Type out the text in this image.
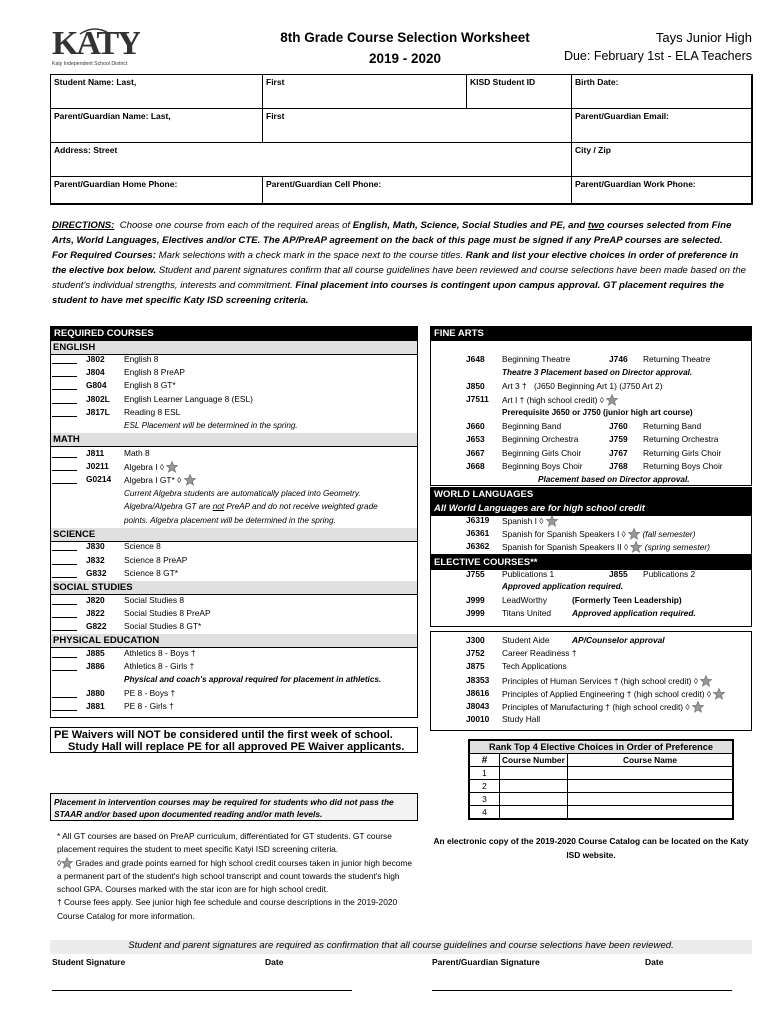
KATY
Katy Independent School District
8th Grade Course Selection Worksheet
2019 - 2020
Tays Junior High
Due: February 1st - ELA Teachers
Student Name: Last,	First	KISD Student ID	Birth Date:
Parent/Guardian Name: Last,	First	Parent/Guardian Email:
Address: Street	City / Zip
Parent/Guardian Home Phone:	Parent/Guardian Cell Phone:	Parent/Guardian Work Phone:
DIRECTIONS: Choose one course from each of the required areas of English, Math, Science, Social Studies and PE, and two courses selected from Fine Arts, World Languages, Electives and/or CTE. The AP/PreAP agreement on the back of this page must be signed if any PreAP courses are selected.
For Required Courses: Mark selections with a check mark in the space next to the course titles. Rank and list your elective choices in order of preference in the elective box below. Student and parent signatures confirm that all course guidelines have been reviewed and course selections have been made based on the student's individual strengths, interests and commitment. Final placement into courses is contingent upon campus approval. GT placement requires the student to have met specific Katy ISD screening criteria.
REQUIRED COURSES
ENGLISH
J802 English 8
J804 English 8 PreAP
G804 English 8 GT*
J802L English Learner Language 8 (ESL)
J817L Reading 8 ESL
ESL Placement will be determined in the spring.
MATH
J811 Math 8
J0211 Algebra I ◊
G0214 Algebra I GT* ◊
Current Algebra students are automatically placed into Geometry.
Algebra/Algebra GT are not PreAP and do not receive weighted grade
points. Algebra placement will be determined in the spring.
SCIENCE
J830 Science 8
J832 Science 8 PreAP
G832 Science 8 GT*
SOCIAL STUDIES
J820 Social Studies 8
J822 Social Studies 8 PreAP
G822 Social Studies 8 GT*
PHYSICAL EDUCATION
J885 Athletics 8 - Boys †
J886 Athletics 8 - Girls †
Physical and coach's approval required for placement in athletics.
J880 PE 8 - Boys †
J881 PE 8 - Girls †
FINE ARTS
J648 Beginning Theatre	J746 Returning Theatre
Theatre 3 Placement based on Director approval.
J850 Art 3 † (J650 Beginning Art 1) (J750 Art 2)
J7511 Art I † (high school credit) ◊
Prerequisite J650 or J750 (junior high art course)
J660 Beginning Band	J760 Returning Band
J653 Beginning Orchestra	J759 Returning Orchestra
J667 Beginning Girls Choir	J767 Returning Girls Choir
J668 Beginning Boys Choir	J768 Returning Boys Choir
Placement based on Director approval.
WORLD LANGUAGES
All World Languages are for high school credit
J6319 Spanish I ◊
J6361 Spanish for Spanish Speakers I ◊ (fall semester)
J6362 Spanish for Spanish Speakers II ◊ (spring semester)
ELECTIVE COURSES**
J755 Publications 1	J855 Publications 2
Approved application required.
J999 LeadWorthy	(Formerly Teen Leadership)
J999 Titans United Approved application required.
J300 Student Aide	AP/Counselor approval
J752 Career Readiness †
J875 Tech Applications
J8353 Principles of Human Services † (high school credit) ◊
J8616 Principles of Applied Engineering † (high school credit) ◊
J8043 Principles of Manufacturing † (high school credit) ◊
J0010 Study Hall
PE Waivers will NOT be considered until the first week of school.
Study Hall will replace PE for all approved PE Waiver applicants.
Placement in intervention courses may be required for students who did not pass the STAAR and/or based upon documented reading and/or math levels.
* All GT courses are based on PreAP curriculum, differentiated for GT students. GT course placement requires the student to meet specific Katyi ISD screening criteria.
◊ Grades and grade points earned for high school credit courses taken in junior high become a permanent part of the student's high school transcript and count towards the student's high school GPA. Courses marked with the star icon are for high school credit.
† Course fees apply. See junior high fee schedule and course descriptions in the 2019-2020 Course Catalog for more information.
Rank Top 4 Elective Choices in Order of Preference		
#	Course Number	Course Name
1		
2		
3		
4		
An electronic copy of the 2019-2020 Course Catalog can be located on the Katy ISD website.
Student and parent signatures are required as confirmation that all course guidelines and course selections have been reviewed.
Student Signature	Date	Parent/Guardian Signature	Date
